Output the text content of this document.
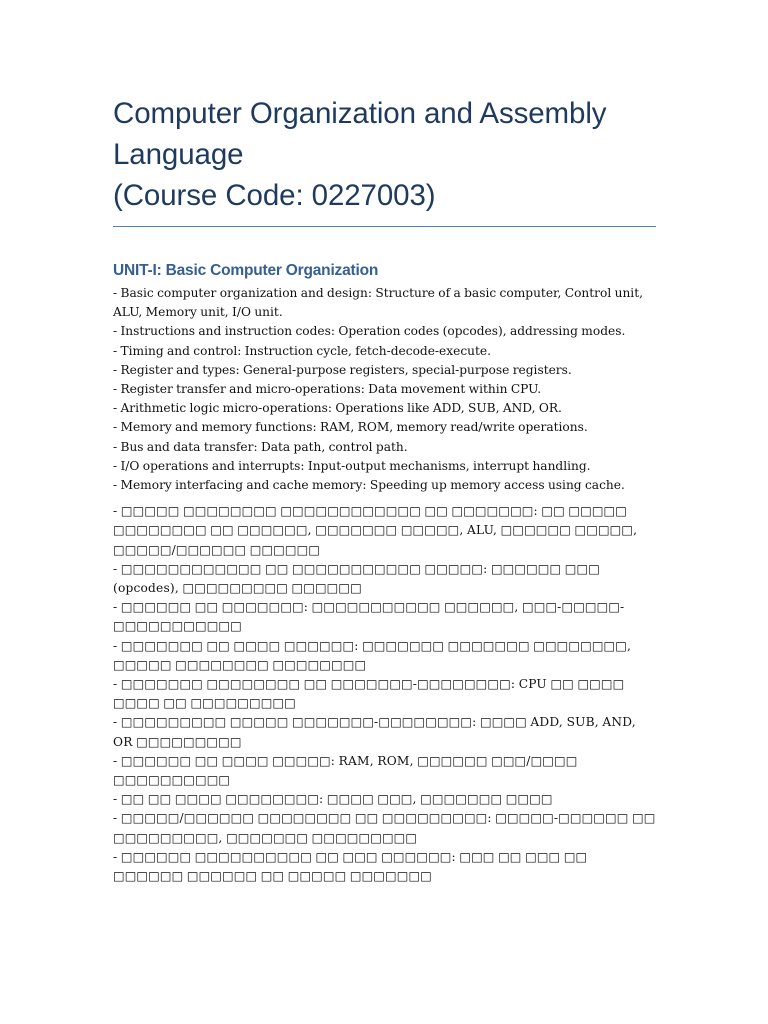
Computer Organization and Assembly
Language
(Course Code: 0227003)
UNIT-I: Basic Computer Organization
- Basic computer organization and design: Structure of a basic computer, Control unit, ALU, Memory unit, I/O unit.
- Instructions and instruction codes: Operation codes (opcodes), addressing modes.
- Timing and control: Instruction cycle, fetch-decode-execute.
- Register and types: General-purpose registers, special-purpose registers.
- Register transfer and micro-operations: Data movement within CPU.
- Arithmetic logic micro-operations: Operations like ADD, SUB, AND, OR.
- Memory and memory functions: RAM, ROM, memory read/write operations.
- Bus and data transfer: Data path, control path.
- I/O operations and interrupts: Input-output mechanisms, interrupt handling.
- Memory interfacing and cache memory: Speeding up memory access using cache.
- □□□□□ □□□□□□□□ □□□□□□□□□□□□ □□ □□□□□□□: □□ □□□□□ □□□□□□□□ □□ □□□□□□, □□□□□□□ □□□□□, ALU, □□□□□□ □□□□□, □□□□□/□□□□□□ □□□□□□
- □□□□□□□□□□□□ □□ □□□□□□□□□□□ □□□□□: □□□□□□ □□□ (opcodes), □□□□□□□□□ □□□□□□
- □□□□□□ □□ □□□□□□□: □□□□□□□□□□□ □□□□□□, □□□-□□□□□-□□□□□□□□□□□
- □□□□□□□ □□ □□□□ □□□□□□: □□□□□□□ □□□□□□□ □□□□□□□□, □□□□□ □□□□□□□□ □□□□□□□□
- □□□□□□□ □□□□□□□□ □□ □□□□□□□-□□□□□□□□: CPU □□ □□□□ □□□□ □□ □□□□□□□□□
- □□□□□□□□□ □□□□□ □□□□□□□-□□□□□□□□: □□□□ ADD, SUB, AND, OR □□□□□□□□□
- □□□□□□ □□ □□□□ □□□□□: RAM, ROM, □□□□□□ □□□/□□□□ □□□□□□□□□□
- □□ □□ □□□□ □□□□□□□□: □□□□ □□□, □□□□□□□ □□□□
- □□□□□/□□□□□□ □□□□□□□□ □□ □□□□□□□□□: □□□□□-□□□□□□ □□ □□□□□□□□□, □□□□□□□ □□□□□□□□□
- □□□□□□ □□□□□□□□□□ □□ □□□ □□□□□□: □□□ □□ □□□ □□ □□□□□□ □□□□□□ □□ □□□□□ □□□□□□□
